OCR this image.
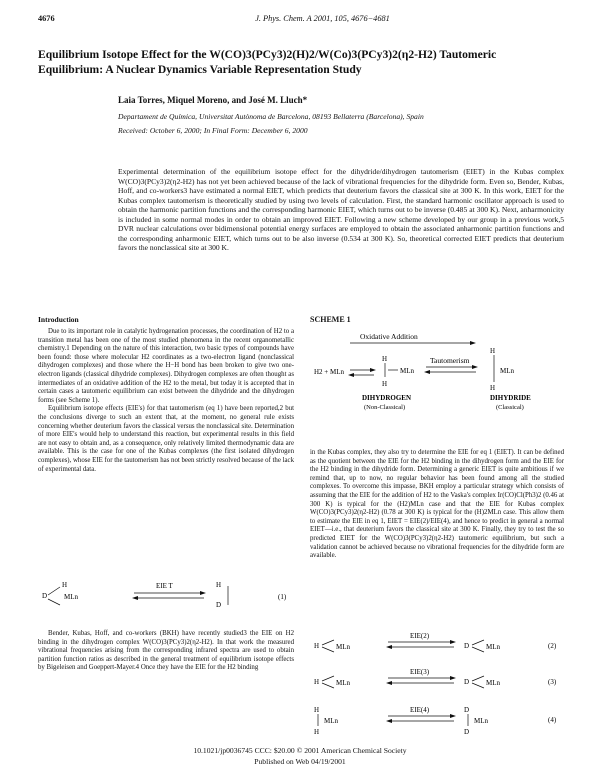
4676	J. Phys. Chem. A 2001, 105, 4676−4681
Equilibrium Isotope Effect for the W(CO)3(PCy3)2(H)2/W(Co)3(PCy3)2(η2-H2) Tautomeric Equilibrium: A Nuclear Dynamics Variable Representation Study
Laia Torres, Miquel Moreno, and José M. Lluch*
Departament de Química, Universitat Autònoma de Barcelona, 08193 Bellaterra (Barcelona), Spain
Received: October 6, 2000; In Final Form: December 6, 2000
Experimental determination of the equilibrium isotope effect for the dihydride/dihydrogen tautomerism (EIET) in the Kubas complex W(CO)3(PCy3)2(η2-H2) has not yet been achieved because of the lack of vibrational frequencies for the dihydride form. Even so, Bender, Kubas, Hoff, and co-workers3 have estimated a normal EIET, which predicts that deuterium favors the classical site at 300 K. In this work, EIET for the Kubas complex tautomerism is theoretically studied by using two levels of calculation. First, the standard harmonic oscillator approach is used to obtain the harmonic partition functions and the corresponding harmonic EIET, which turns out to be inverse (0.485 at 300 K). Next, anharmonicity is included in some normal modes in order to obtain an improved EIET. Following a new scheme developed by our group in a previous work,5 DVR nuclear calculations over bidimensional potential energy surfaces are employed to obtain the associated anharmonic partition functions and the corresponding anharmonic EIET, which turns out to be also inverse (0.534 at 300 K). So, theoretical corrected EIET predicts that deuterium favors the nonclassical site at 300 K.
Introduction

Due to its important role in catalytic hydrogenation processes, the coordination of H2 to a transition metal has been one of the most studied phenomena in the recent organometallic chemistry.1 Depending on the nature of this interaction, two basic types of compounds have been found: those where molecular H2 coordinates as a two-electron ligand (nonclassical dihydrogen complexes) and those where the H−H bond has been broken to give two one-electron ligands (classical dihydride complexes). Dihydrogen complexes are often thought as intermediates of an oxidative addition of the H2 to the metal, but today it is accepted that in certain cases a tautomeric equilibrium can exist between the dihydride and the dihydrogen forms (see Scheme 1).

Equilibrium isotope effects (EIE's) for that tautomerism (eq 1) have been reported,2 but the conclusions diverge to such an extent that, at the moment, no general rule exists concerning whether deuterium favors the classical versus the nonclassical site. Determination of more EIE's would help to understand this reaction, but experimental results in this field are not easy to obtain and, as a consequence, only relatively limited thermodynamic data are available. This is the case for one of the Kubas complexes (the first isolated dihydrogen complexes), whose EIE for the tautomerism has not been strictly resolved because of the lack of experimental data.

D
H
MLn
EIE T	H
D
(1)

Bender, Kubas, Hoff, and co-workers (BKH) have recently studied3 the EIE on H2 binding in the dihydrogen complex W(CO)3(PCy3)2(η2-H2). In that work the measured vibrational frequencies arising from the corresponding infrared spectra are used to obtain partition function ratios as described in the general treatment of equilibrium isotope effects by Bigeleisen and Goeppert-Mayer.4 Once they have the EIE for the H2 binding

SCHEME 1
Oxidative Addition
H2 + MLn
H
H
MLn
DIHYDROGEN
(Non-Classical)
Tautomerism
H
H
MLn
DIHYDRIDE
(Classical)

in the Kubas complex, they also try to determine the EIE for eq 1 (EIET). It can be defined as the quotient between the EIE for the H2 binding in the dihydrogen form and the EIE for the H2 binding in the dihydride form. Determining a generic EIET is quite ambitious if we remind that, up to now, no regular behavior has been found among all the studied complexes. To overcome this impasse, BKH employ a particular strategy which consists of assuming that the EIE for the addition of H2 to the Vaska's complex Ir(CO)Cl(Ph3)2 (0.46 at 300 K) is typical for the (H2)MLn case and that the EIE for Kubas complex W(CO)3(PCy3)2(η2-H2) (0.78 at 300 K) is typical for the (H)2MLn case. This allow them to estimate the EIE in eq 1, EIET = EIE(2)/EIE(4), and hence to predict in general a normal EIET—i.e., that deuterium favors the classical site at 300 K. Finally, they try to test the so predicted EIET for the W(CO)3(PCy3)2(η2-H2) tautomeric equilibrium, but such a validation cannot be achieved because no vibrational frequencies for the dihydride form are available.

H MLn
EIE(2)
D MLn	(2)
H MLn
EIE(3)
D MLn	(3)
H
H
MLn
EIE(4)	D
D
MLn	(4)
10.1021/jp0036745 CCC: $20.00 © 2001 American Chemical Society
Published on Web 04/19/2001
